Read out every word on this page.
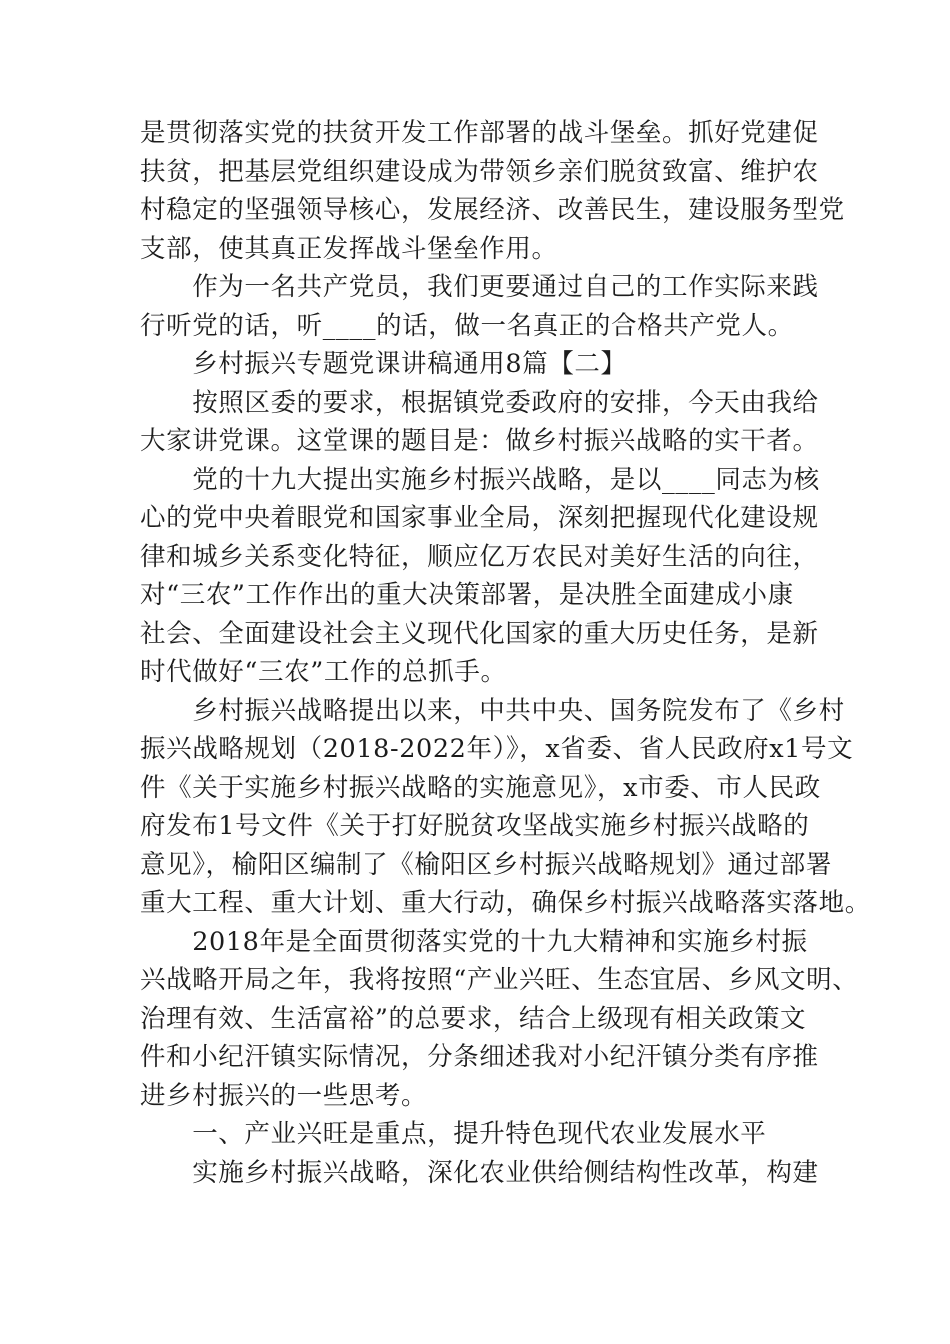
是贯彻落实党的扶贫开发工作部署的战斗堡垒。抓好党建促
扶贫，把基层党组织建设成为带领乡亲们脱贫致富、维护农
村稳定的坚强领导核心，发展经济、改善民生，建设服务型党
支部，使其真正发挥战斗堡垒作用。
　　作为一名共产党员，我们更要通过自己的工作实际来践
行听党的话，听____的话，做一名真正的合格共产党人。
　　乡村振兴专题党课讲稿通用8篇【二】
　　按照区委的要求，根据镇党委政府的安排，今天由我给
大家讲党课。这堂课的题目是：做乡村振兴战略的实干者。
　　党的十九大提出实施乡村振兴战略，是以____同志为核
心的党中央着眼党和国家事业全局，深刻把握现代化建设规
律和城乡关系变化特征，顺应亿万农民对美好生活的向往，
对“三农”工作作出的重大决策部署，是决胜全面建成小康
社会、全面建设社会主义现代化国家的重大历史任务，是新
时代做好“三农”工作的总抓手。
　　乡村振兴战略提出以来，中共中央、国务院发布了《乡村
振兴战略规划（2018-2022年）》，x省委、省人民政府x1号文
件《关于实施乡村振兴战略的实施意见》，x市委、市人民政
府发布1号文件《关于打好脱贫攻坚战实施乡村振兴战略的
意见》，榆阳区编制了《榆阳区乡村振兴战略规划》通过部署
重大工程、重大计划、重大行动，确保乡村振兴战略落实落地。
　　2018年是全面贯彻落实党的十九大精神和实施乡村振
兴战略开局之年，我将按照“产业兴旺、生态宜居、乡风文明、
治理有效、生活富裕”的总要求，结合上级现有相关政策文
件和小纪汗镇实际情况，分条细述我对小纪汗镇分类有序推
进乡村振兴的一些思考。
　　一、产业兴旺是重点，提升特色现代农业发展水平
　　实施乡村振兴战略，深化农业供给侧结构性改革，构建
